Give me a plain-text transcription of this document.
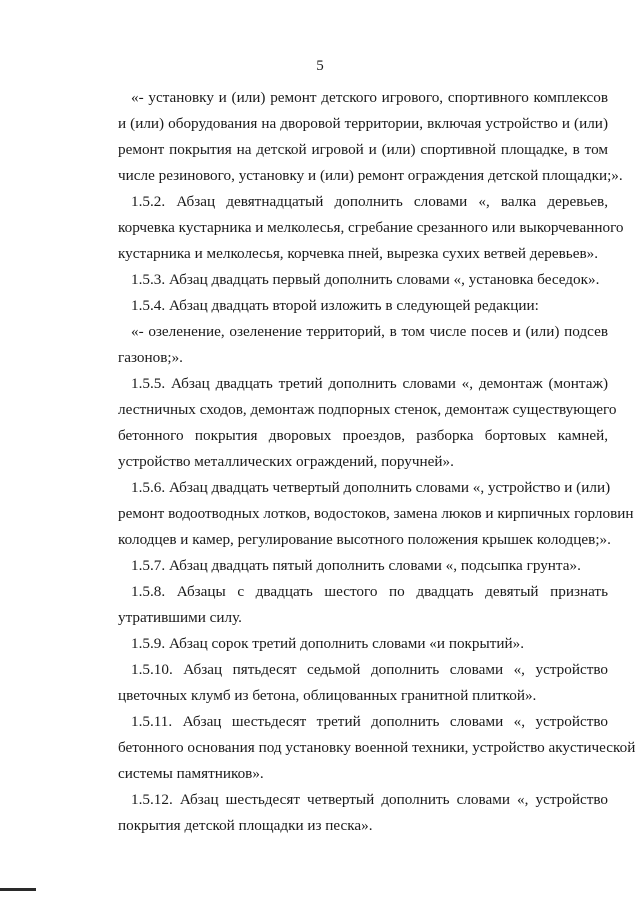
5
«- установку и (или) ремонт детского игрового, спортивного комплексов
и (или) оборудования на дворовой территории, включая устройство и (или)
ремонт покрытия на детской игровой и (или) спортивной площадке, в том
числе резинового, установку и (или) ремонт ограждения детской площадки;».
1.5.2. Абзац девятнадцатый дополнить словами «, валка деревьев,
корчевка кустарника и мелколесья, сгребание срезанного или выкорчеванного
кустарника и мелколесья, корчевка пней, вырезка сухих ветвей деревьев».
1.5.3. Абзац двадцать первый дополнить словами «, установка беседок».
1.5.4. Абзац двадцать второй изложить в следующей редакции:
«- озеленение, озеленение территорий, в том числе посев и (или) подсев
газонов;».
1.5.5. Абзац двадцать третий дополнить словами «, демонтаж (монтаж)
лестничных сходов, демонтаж подпорных стенок, демонтаж существующего
бетонного покрытия дворовых проездов, разборка бортовых камней,
устройство металлических ограждений, поручней».
1.5.6. Абзац двадцать четвертый дополнить словами «, устройство и (или)
ремонт водоотводных лотков, водостоков, замена люков и кирпичных горловин
колодцев и камер, регулирование высотного положения крышек колодцев;».
1.5.7. Абзац двадцать пятый дополнить словами «, подсыпка грунта».
1.5.8. Абзацы с двадцать шестого по двадцать девятый признать
утратившими силу.
1.5.9. Абзац сорок третий дополнить словами «и покрытий».
1.5.10. Абзац пятьдесят седьмой дополнить словами «, устройство
цветочных клумб из бетона, облицованных гранитной плиткой».
1.5.11. Абзац шестьдесят третий дополнить словами «, устройство
бетонного основания под установку военной техники, устройство акустической
системы памятников».
1.5.12. Абзац шестьдесят четвертый дополнить словами «, устройство
покрытия детской площадки из песка».
